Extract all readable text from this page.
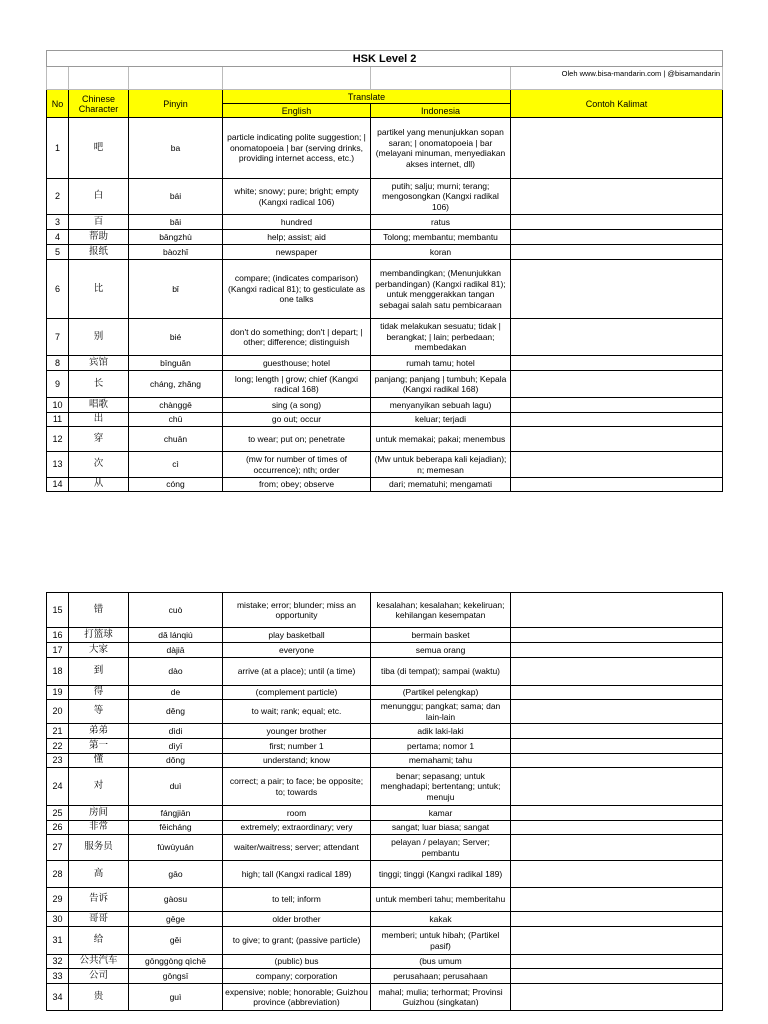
HSK Level 2					
					Oleh www.bisa-mandarin.com | @bisamandarin
No	Chinese Character	Pinyin	Translate		Contoh Kalimat
			English	Indonesia	
1	吧	ba	particle indicating polite suggestion; | onomatopoeia | bar (serving drinks, providing internet access, etc.)	partikel yang menunjukkan sopan saran; | onomatopoeia | bar (melayani minuman, menyediakan akses internet, dll)	
2	白	bái	white; snowy; pure; bright; empty (Kangxi radical 106)	putih; salju; murni; terang; mengosongkan (Kangxi radikal 106)	
3	百	bǎi	hundred	ratus	
4	帮助	bāngzhù	help; assist; aid	Tolong; membantu; membantu	
5	报纸	bàozhǐ	newspaper	koran	
6	比	bǐ	compare; (indicates comparison) (Kangxi radical 81); to gesticulate as one talks	membandingkan; (Menunjukkan perbandingan) (Kangxi radikal 81); untuk menggerakkan tangan sebagai salah satu pembicaraan	
7	别	bié	don't do something; don't | depart; | other; difference; distinguish	tidak melakukan sesuatu; tidak | berangkat; | lain; perbedaan; membedakan	
8	宾馆	bīnguǎn	guesthouse; hotel	rumah tamu; hotel	
9	长	cháng, zhǎng	long; length | grow; chief (Kangxi radical 168)	panjang; panjang | tumbuh; Kepala (Kangxi radikal 168)	
10	唱歌	chànggē	sing (a song)	menyanyikan sebuah lagu)	
11	出	chū	go out; occur	keluar; terjadi	
12	穿	chuān	to wear; put on; penetrate	untuk memakai; pakai; menembus	
13	次	cì	(mw for number of times of occurrence); nth; order	(Mw untuk beberapa kali kejadian); n; memesan	
14	从	cóng	from; obey; observe	dari; mematuhi; mengamati	
15	错	cuò	mistake; error; blunder; miss an opportunity	kesalahan; kesalahan; kekeliruan; kehilangan kesempatan	
16	打篮球	dǎ lánqiú	play basketball	bermain basket	
17	大家	dàjiā	everyone	semua orang	
18	到	dào	arrive (at a place); until (a time)	tiba (di tempat); sampai (waktu)	
19	得	de	(complement particle)	(Partikel pelengkap)	
20	等	děng	to wait; rank; equal; etc.	menunggu; pangkat; sama; dan lain-lain	
21	弟弟	dìdi	younger brother	adik laki-laki	
22	第一	dìyī	first; number 1	pertama; nomor 1	
23	懂	dǒng	understand; know	memahami; tahu	
24	对	duì	correct; a pair; to face; be opposite; to; towards	benar; sepasang; untuk menghadapi; bertentang; untuk; menuju	
25	房间	fángjiān	room	kamar	
26	非常	fēicháng	extremely; extraordinary; very	sangat; luar biasa; sangat	
27	服务员	fúwùyuán	waiter/waitress; server; attendant	pelayan / pelayan; Server; pembantu	
28	高	gāo	high; tall (Kangxi radical 189)	tinggi; tinggi (Kangxi radikal 189)	
29	告诉	gàosu	to tell; inform	untuk memberi tahu; memberitahu	
30	哥哥	gēge	older brother	kakak	
31	给	gěi	to give; to grant; (passive particle)	memberi; untuk hibah; (Partikel pasif)	
32	公共汽车	gōnggòng qìchē	(public) bus	(bus umum	
33	公司	gōngsī	company; corporation	perusahaan; perusahaan	
34	贵	guì	expensive; noble; honorable; Guizhou province (abbreviation)	mahal; mulia; terhormat; Provinsi Guizhou (singkatan)	
